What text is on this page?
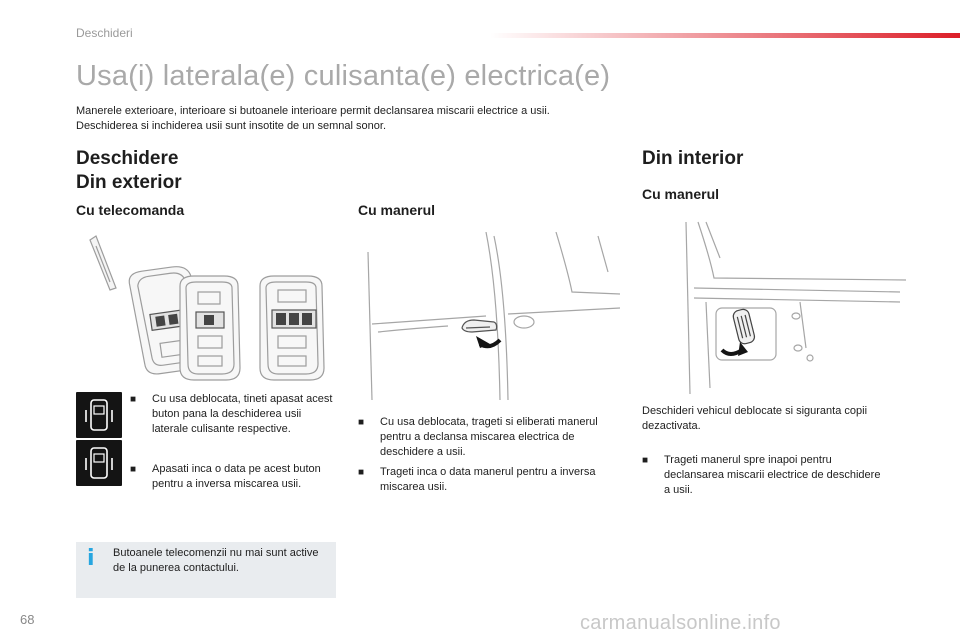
Deschideri
Usa(i) laterala(e) culisanta(e) electrica(e)
Manerele exterioare, interioare si butoanele interioare permit declansarea miscarii electrice a usii.
Deschiderea si inchiderea usii sunt insotite de un semnal sonor.
Deschidere
Din exterior
Cu telecomanda
■	Cu usa deblocata, tineti apasat acest buton pana la deschiderea usii laterale culisante respective.
■	Apasati inca o data pe acest buton pentru a inversa miscarea usii.
i Butoanele telecomenzii nu mai sunt active de la punerea contactului.
Cu manerul
■	Cu usa deblocata, trageti si eliberati manerul pentru a declansa miscarea electrica de deschidere a usii.
■	Trageti inca o data manerul pentru a inversa miscarea usii.
Din interior
Cu manerul
Deschideri vehicul deblocate si siguranta copii dezactivata.
■	Trageti manerul spre inapoi pentru declansarea miscarii electrice de deschidere a usii.
68	carmanualsonline.info
